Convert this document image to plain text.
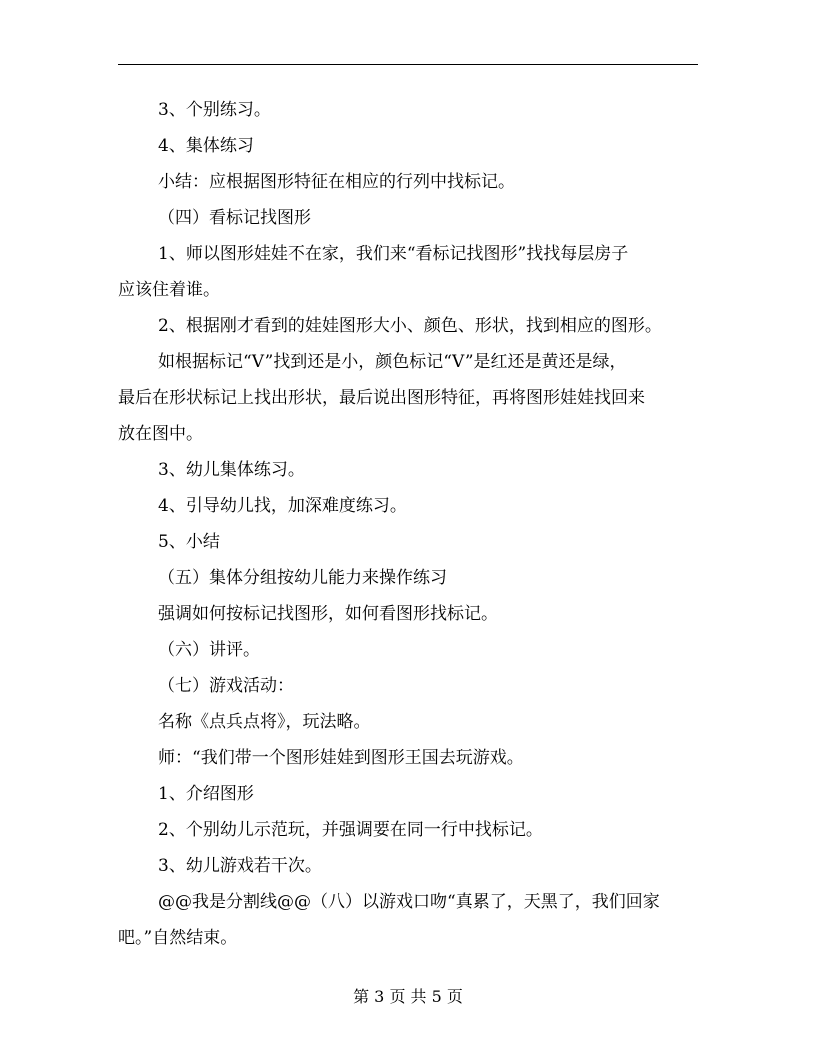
3、个别练习。
4、集体练习
小结：应根据图形特征在相应的行列中找标记。
（四）看标记找图形
1、师以图形娃娃不在家，我们来“看标记找图形”找找每层房子
应该住着谁。
2、根据刚才看到的娃娃图形大小、颜色、形状，找到相应的图形。
如根据标记“V”找到还是小，颜色标记“V”是红还是黄还是绿，
最后在形状标记上找出形状，最后说出图形特征，再将图形娃娃找回来
放在图中。
3、幼儿集体练习。
4、引导幼儿找，加深难度练习。
5、小结
（五）集体分组按幼儿能力来操作练习
强调如何按标记找图形，如何看图形找标记。
（六）讲评。
（七）游戏活动：
名称《点兵点将》，玩法略。
师：“我们带一个图形娃娃到图形王国去玩游戏。
1、介绍图形
2、个别幼儿示范玩，并强调要在同一行中找标记。
3、幼儿游戏若干次。
@@我是分割线@@（八）以游戏口吻“真累了，天黑了，我们回家
吧。”自然结束。
第 3 页 共 5 页
